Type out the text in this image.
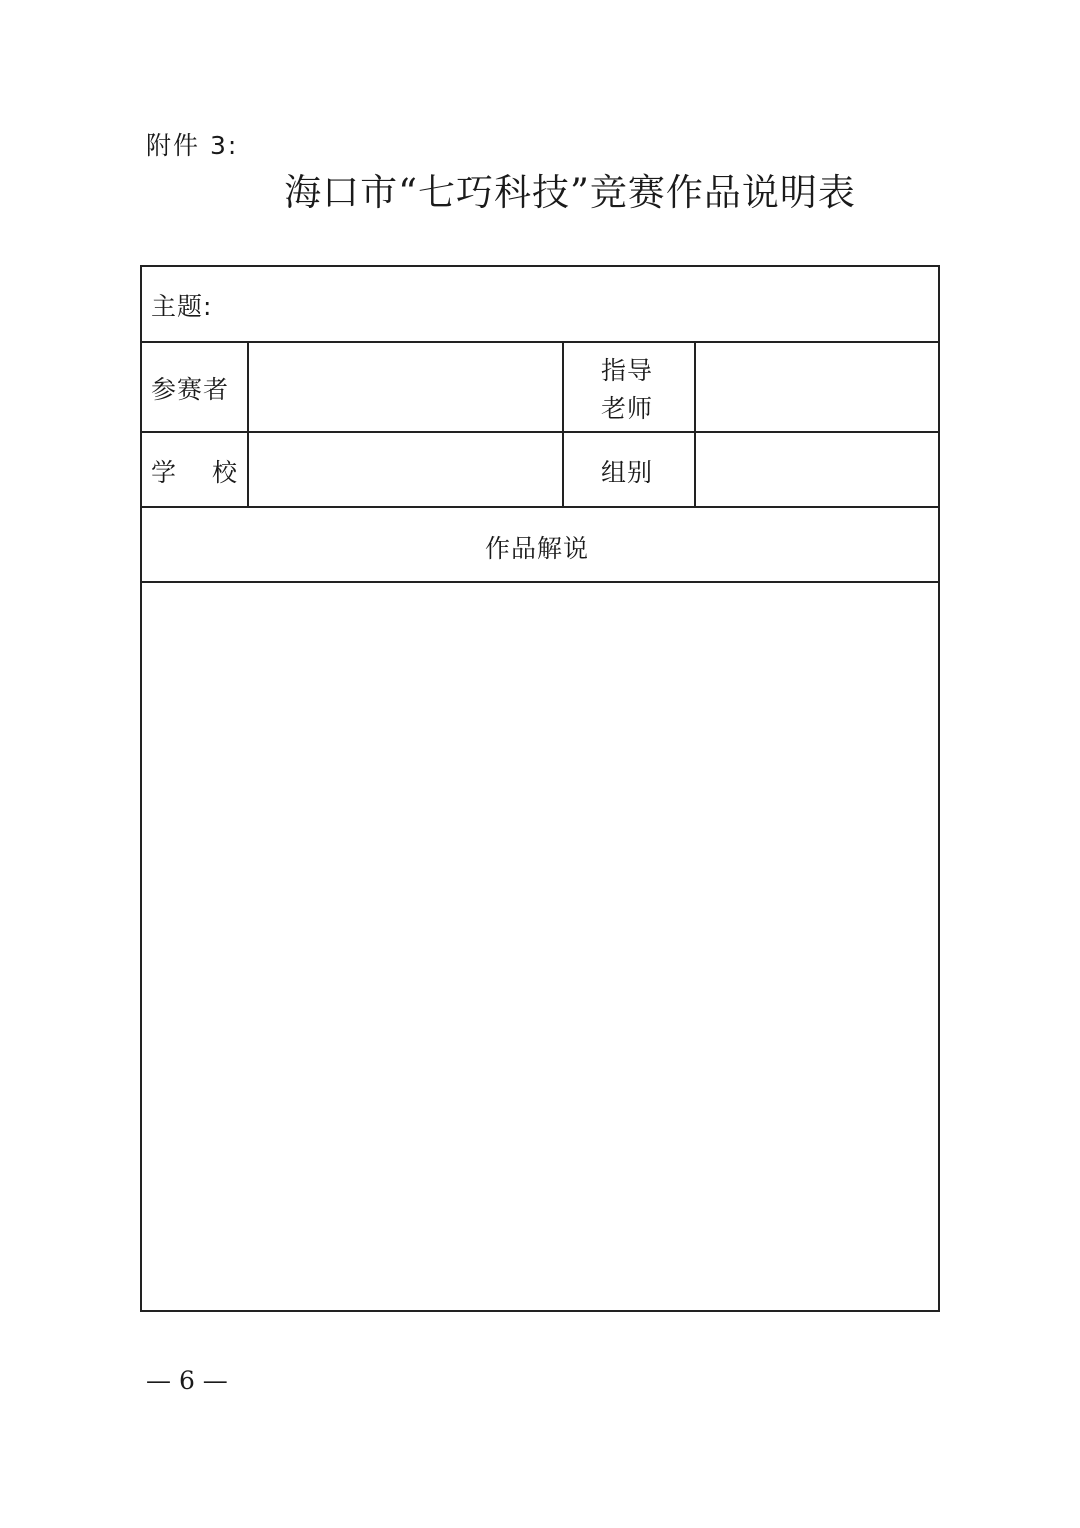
附件 3:
海口市“七巧科技”竞赛作品说明表
主题:
参赛者
指导
老师
学　 校	组别
作品解说
— 6 —
